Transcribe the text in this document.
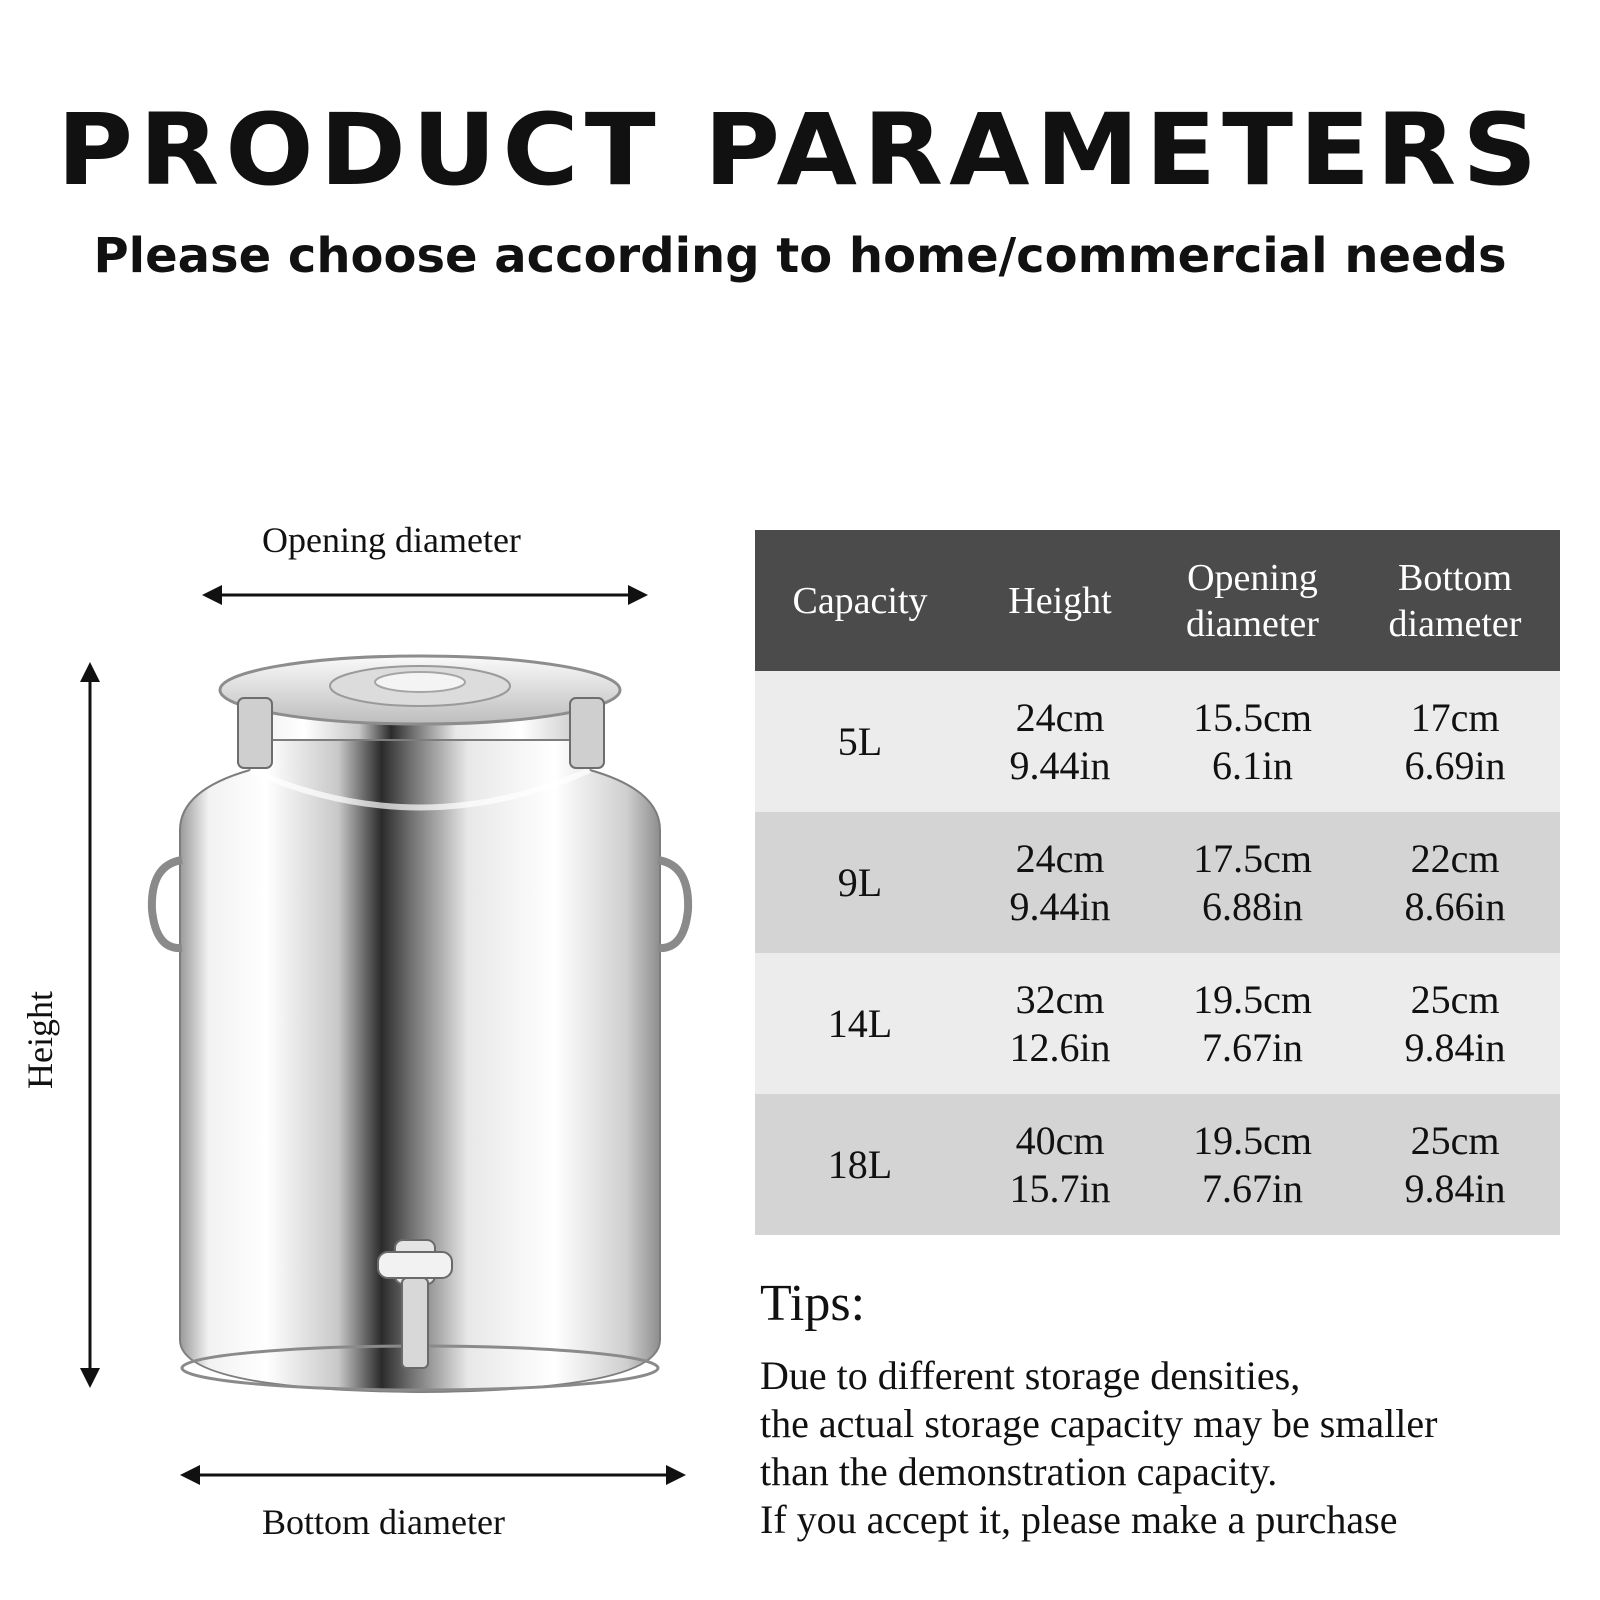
PRODUCT PARAMETERS
Please choose according to home/commercial needs
Opening diameter
Height
Bottom diameter
Capacity Height
Opening
diameter
Bottom
diameter
5L
24cm
9.44in
15.5cm
6.1in
17cm
6.69in
9L
24cm
9.44in
17.5cm
6.88in
22cm
8.66in
14L
32cm
12.6in
19.5cm
7.67in
25cm
9.84in
18L
40cm
15.7in
19.5cm
7.67in
25cm
9.84in
Tips:
Due to different storage densities,
the actual storage capacity may be smaller
than the demonstration capacity.
If you accept it, please make a purchase
